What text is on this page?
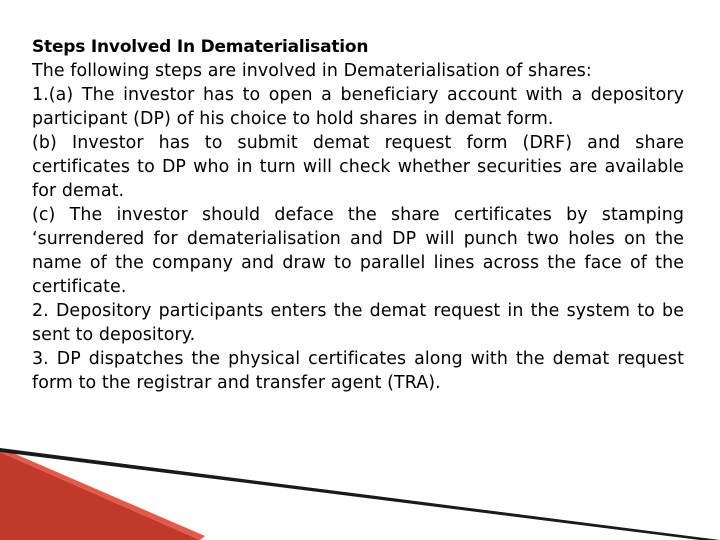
Steps Involved In Dematerialisation

The following steps are involved in Dematerialisation of shares:

1.(a) The investor has to open a beneficiary account with a depository participant (DP) of his choice to hold shares in demat form.

(b) Investor has to submit demat request form (DRF) and share certificates to DP who in turn will check whether securities are available for demat.

(c) The investor should deface the share certificates by stamping ‘surrendered for dematerialisation and DP will punch two holes on the name of the company and draw to parallel lines across the face of the certificate.

2. Depository participants enters the demat request in the system to be sent to depository.

3. DP dispatches the physical certificates along with the demat request form to the registrar and transfer agent (TRA).
